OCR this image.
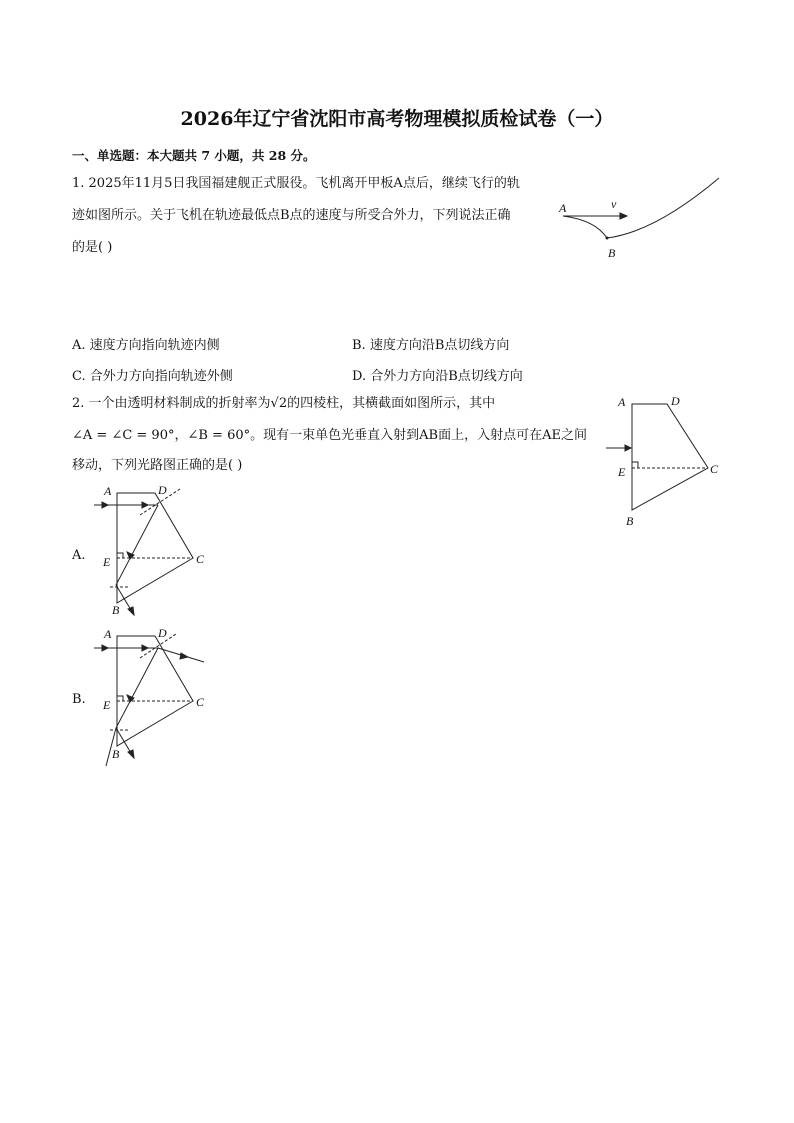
2026年辽宁省沈阳市高考物理模拟质检试卷（一）
一、单选题：本大题共 7 小题，共 28 分。
1. 2025年11月5日我国福建舰正式服役。飞机离开甲板A点后，继续飞行的轨
迹如图所示。关于飞机在轨迹最低点B点的速度与所受合外力，下列说法正确
的是( )
A	v
B
A. 速度方向指向轨迹内侧	B. 速度方向沿B点切线方向
C. 合外力方向指向轨迹外侧	D. 合外力方向沿B点切线方向
2. 一个由透明材料制成的折射率为√2的四棱柱，其横截面如图所示，其中
∠A = ∠C = 90°，∠B = 60°。现有一束单色光垂直入射到AB面上，入射点可在AE之间
移动，下列光路图正确的是( )
A	D
C
E
B
A.
A	D
C
E
B
B.
A	D
C
E
B
